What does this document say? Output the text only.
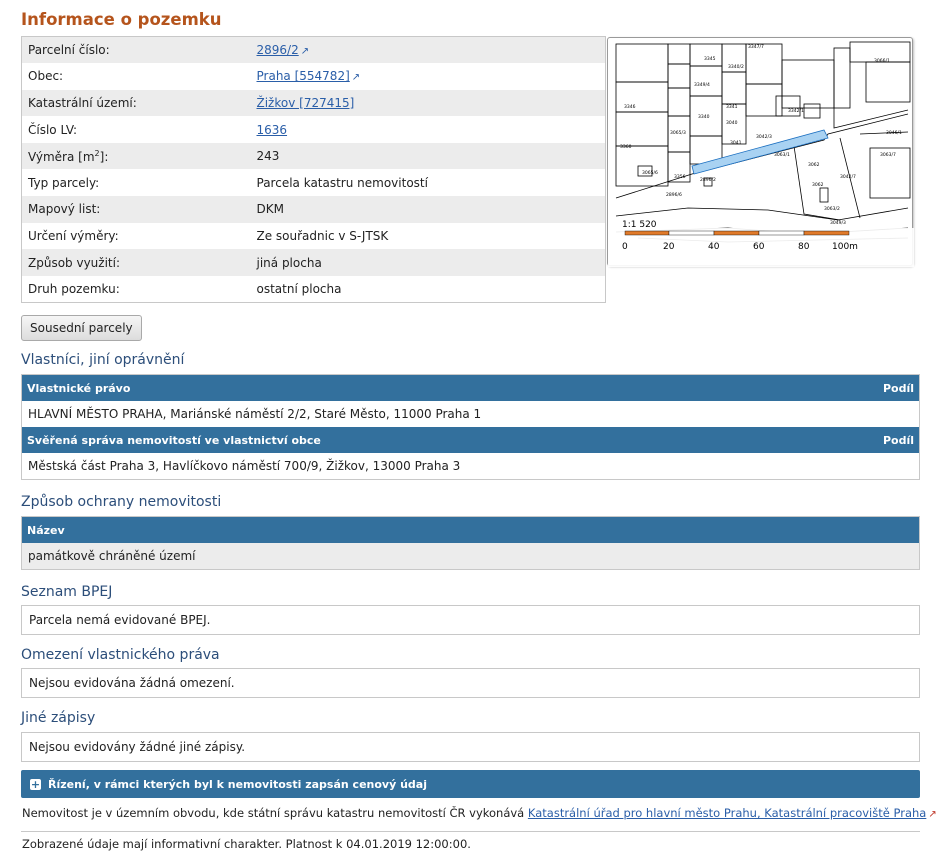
Informace o pozemku
Parcelní číslo:	2896/2 ↗
Obec:	Praha [554782] ↗
Katastrální území:	Žižkov [727415]
Číslo LV:	1636
Výměra $[m^2]$:	243
Typ parcely:	Parcela katastru nemovitostí
Mapový list:	DKM
Určení výměry:	Ze souřadnic v S-JTSK
Způsob využití:	jiná plocha
Druh pozemku:	ostatní plocha
2896/2
3063/1
3062
3042/7
3046/1
3063/7
3066/1
3040
3041
3042/3
3340
3342/1
3360
3345
3356
3346
2896/6
3062
3063/2
3340/2
3349/4
3347/7
3065/3
3065/6
3049/3
3341
1:1 520
0	20	40	60	80	100m
Sousední parcely
Vlastníci, jiní oprávnění
Vlastnické právo	Podíl
HLAVNÍ MĚSTO PRAHA, Mariánské náměstí 2/2, Staré Město, 11000 Praha 1
Svěřená správa nemovitostí ve vlastnictví obce	Podíl
Městská část Praha 3, Havlíčkovo náměstí 700/9, Žižkov, 13000 Praha 3
Způsob ochrany nemovitosti
Název
památkově chráněné území
Seznam BPEJ
Parcela nemá evidované BPEJ.
Omezení vlastnického práva
Nejsou evidována žádná omezení.
Jiné zápisy
Nejsou evidovány žádné jiné zápisy.
+ Řízení, v rámci kterých byl k nemovitosti zapsán cenový údaj
Nemovitost je v územním obvodu, kde státní správu katastru nemovitostí ČR vykonává Katastrální úřad pro hlavní město Prahu, Katastrální pracoviště Praha ↗
Zobrazené údaje mají informativní charakter. Platnost k 04.01.2019 12:00:00.
